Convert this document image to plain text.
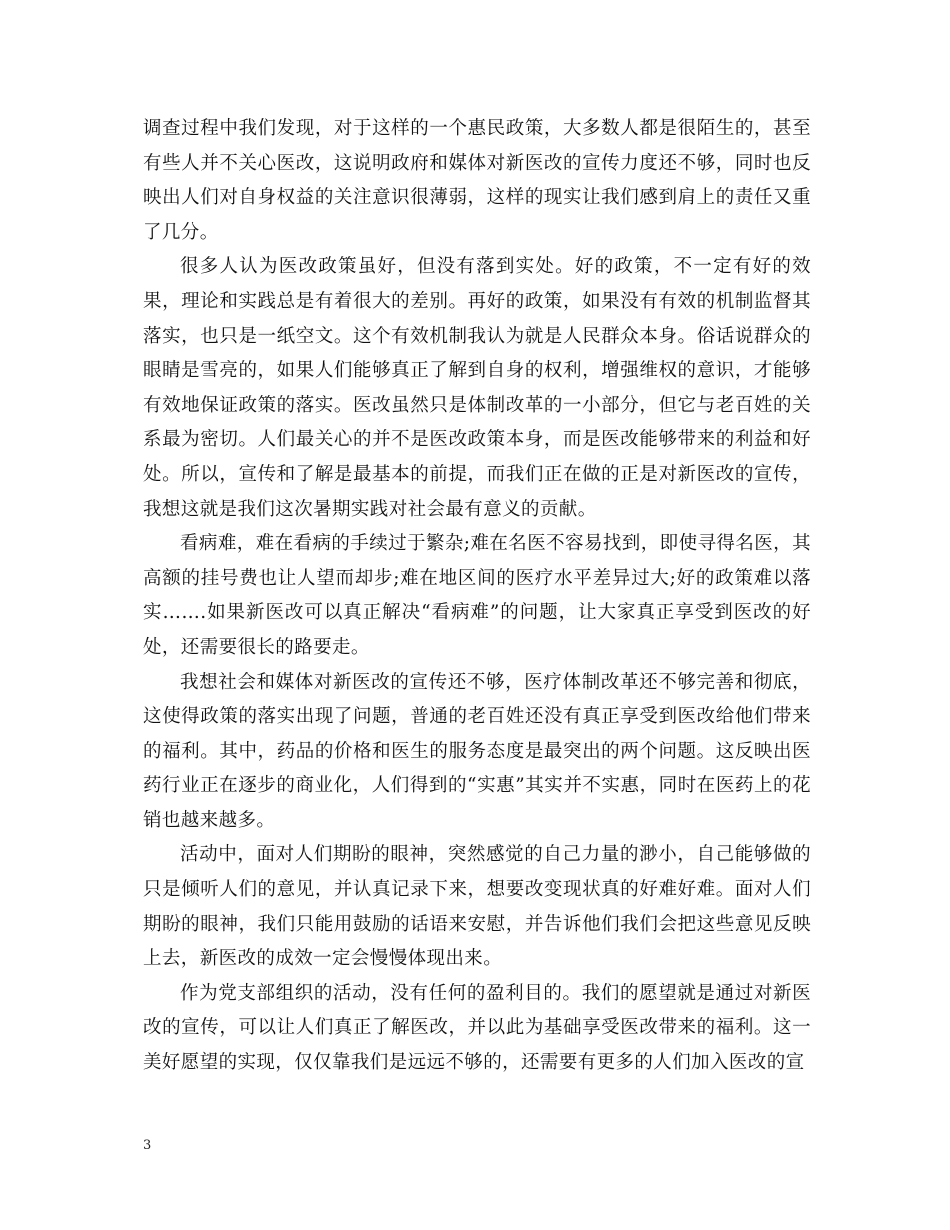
调查过程中我们发现，对于这样的一个惠民政策，大多数人都是很陌生的，甚至有些人并不关心医改，这说明政府和媒体对新医改的宣传力度还不够，同时也反映出人们对自身权益的关注意识很薄弱，这样的现实让我们感到肩上的责任又重了几分。

很多人认为医改政策虽好，但没有落到实处。好的政策，不一定有好的效果，理论和实践总是有着很大的差别。再好的政策，如果没有有效的机制监督其落实，也只是一纸空文。这个有效机制我认为就是人民群众本身。俗话说群众的眼睛是雪亮的，如果人们能够真正了解到自身的权利，增强维权的意识，才能够有效地保证政策的落实。医改虽然只是体制改革的一小部分，但它与老百姓的关系最为密切。人们最关心的并不是医改政策本身，而是医改能够带来的利益和好处。所以，宣传和了解是最基本的前提，而我们正在做的正是对新医改的宣传，我想这就是我们这次暑期实践对社会最有意义的贡献。

看病难，难在看病的手续过于繁杂;难在名医不容易找到，即使寻得名医，其高额的挂号费也让人望而却步;难在地区间的医疗水平差异过大;好的政策难以落实…….如果新医改可以真正解决“看病难”的问题，让大家真正享受到医改的好处，还需要很长的路要走。

我想社会和媒体对新医改的宣传还不够，医疗体制改革还不够完善和彻底，这使得政策的落实出现了问题，普通的老百姓还没有真正享受到医改给他们带来的福利。其中，药品的价格和医生的服务态度是最突出的两个问题。这反映出医药行业正在逐步的商业化，人们得到的“实惠”其实并不实惠，同时在医药上的花销也越来越多。

活动中，面对人们期盼的眼神，突然感觉的自己力量的渺小，自己能够做的只是倾听人们的意见，并认真记录下来，想要改变现状真的好难好难。面对人们期盼的眼神，我们只能用鼓励的话语来安慰，并告诉他们我们会把这些意见反映上去，新医改的成效一定会慢慢体现出来。

作为党支部组织的活动，没有任何的盈利目的。我们的愿望就是通过对新医改的宣传，可以让人们真正了解医改，并以此为基础享受医改带来的福利。这一美好愿望的实现，仅仅靠我们是远远不够的，还需要有更多的人们加入医改的宣

3
